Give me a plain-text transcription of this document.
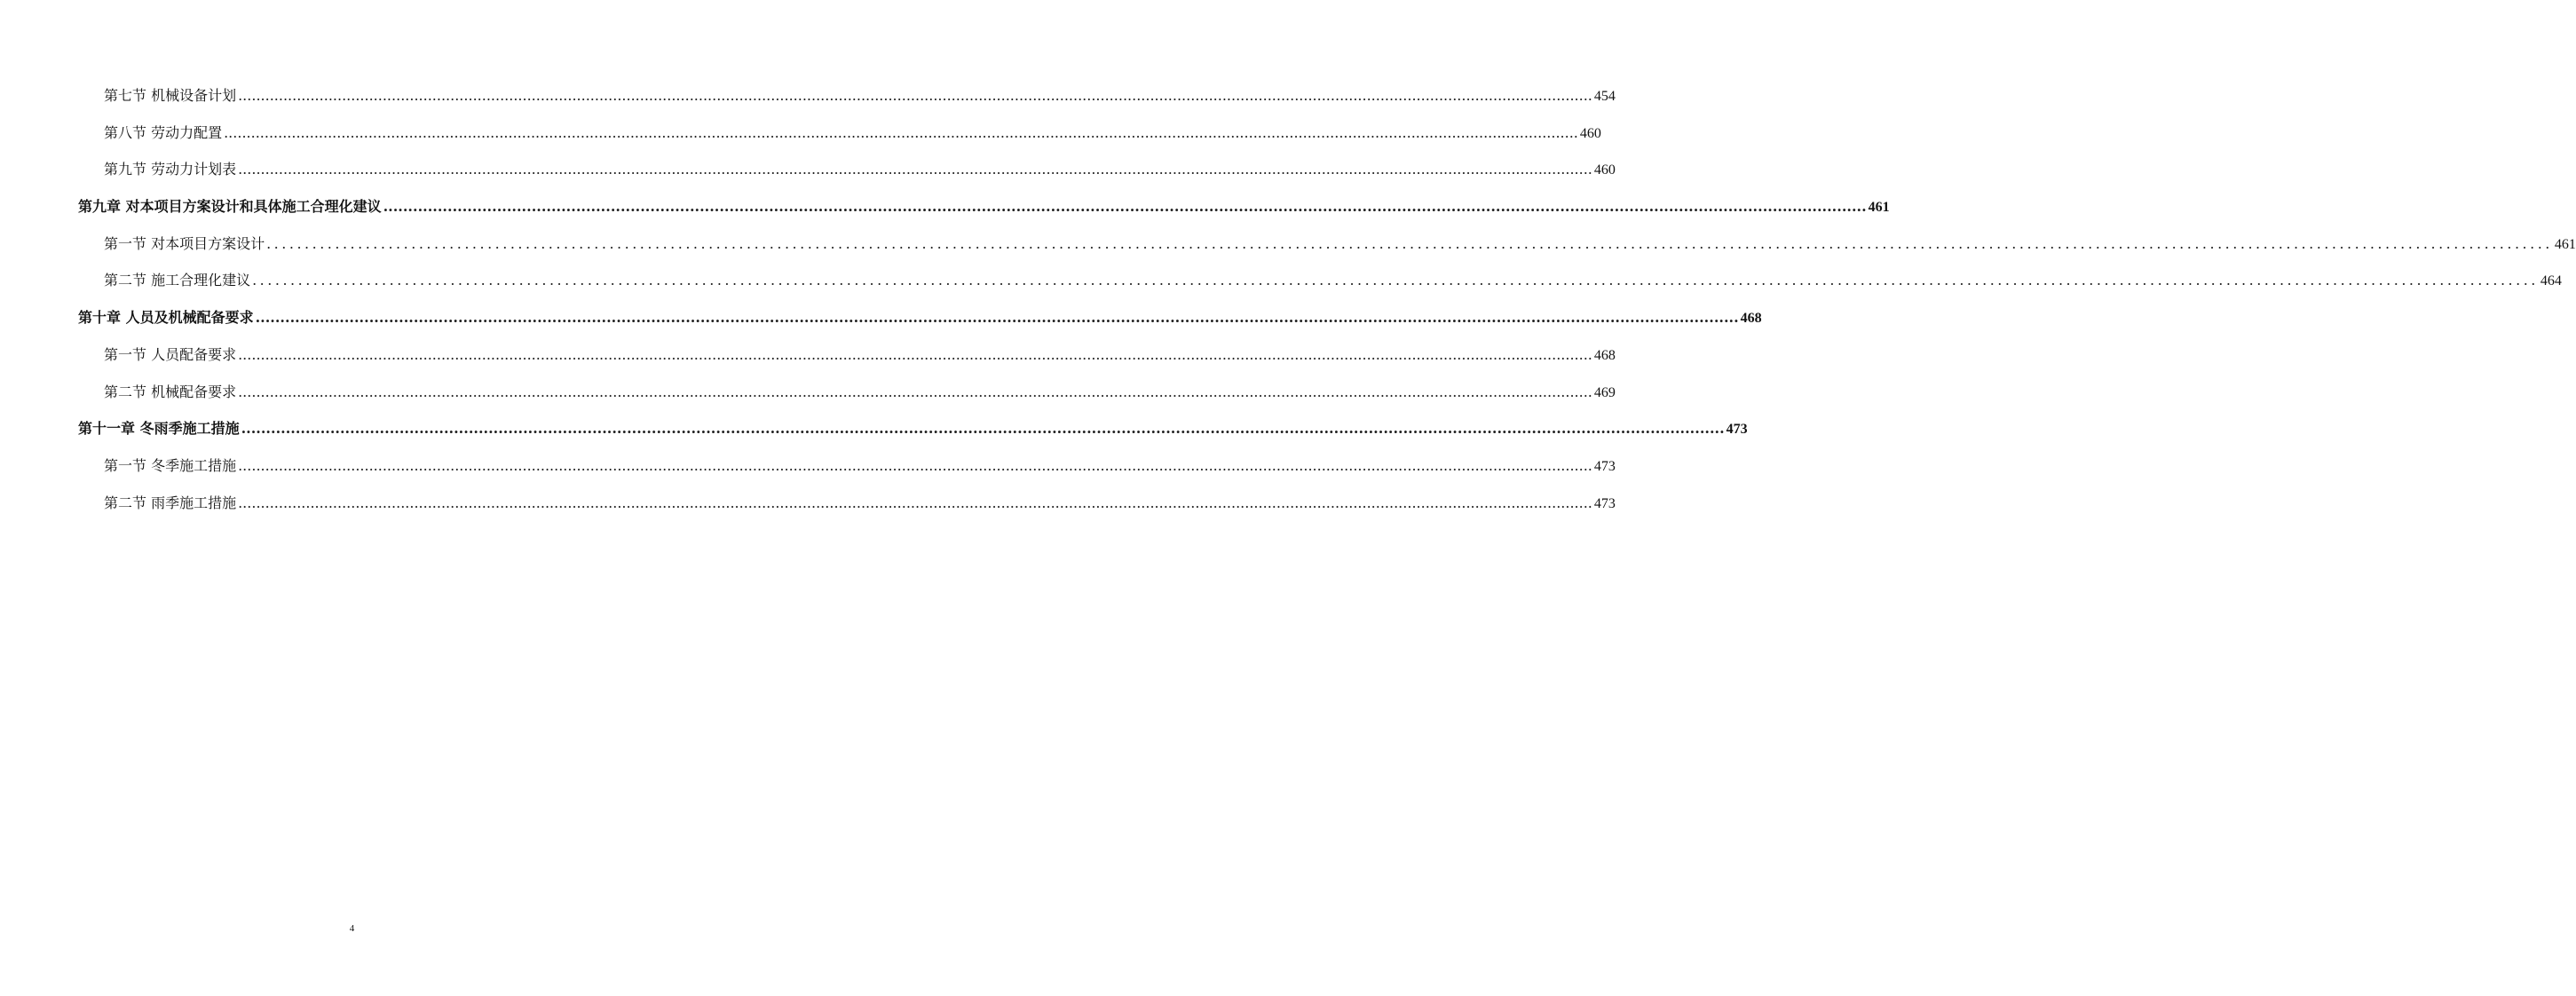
第七节 机械设备计划 ............................................................................................................................................................................................................................................................................................................ 454
第八节 劳动力配置 ............................................................................................................................................................................................................................................................................................................ 460
第九节 劳动力计划表 ............................................................................................................................................................................................................................................................................................................ 460
第九章 对本项目方案设计和具体施工合理化建议 ............................................................................................................................................................................................................................................................................................................ 461
第一节 对本项目方案设计 ............................................................................................................................................................................................................................................................................................................ 461
第二节 施工合理化建议 ............................................................................................................................................................................................................................................................................................................ 464
第十章 人员及机械配备要求 ............................................................................................................................................................................................................................................................................................................ 468
第一节 人员配备要求 ............................................................................................................................................................................................................................................................................................................ 468
第二节 机械配备要求 ............................................................................................................................................................................................................................................................................................................ 469
第十一章 冬雨季施工措施 ............................................................................................................................................................................................................................................................................................................ 473
第一节 冬季施工措施 ............................................................................................................................................................................................................................................................................................................ 473
第二节 雨季施工措施 ............................................................................................................................................................................................................................................................................................................ 473
4
